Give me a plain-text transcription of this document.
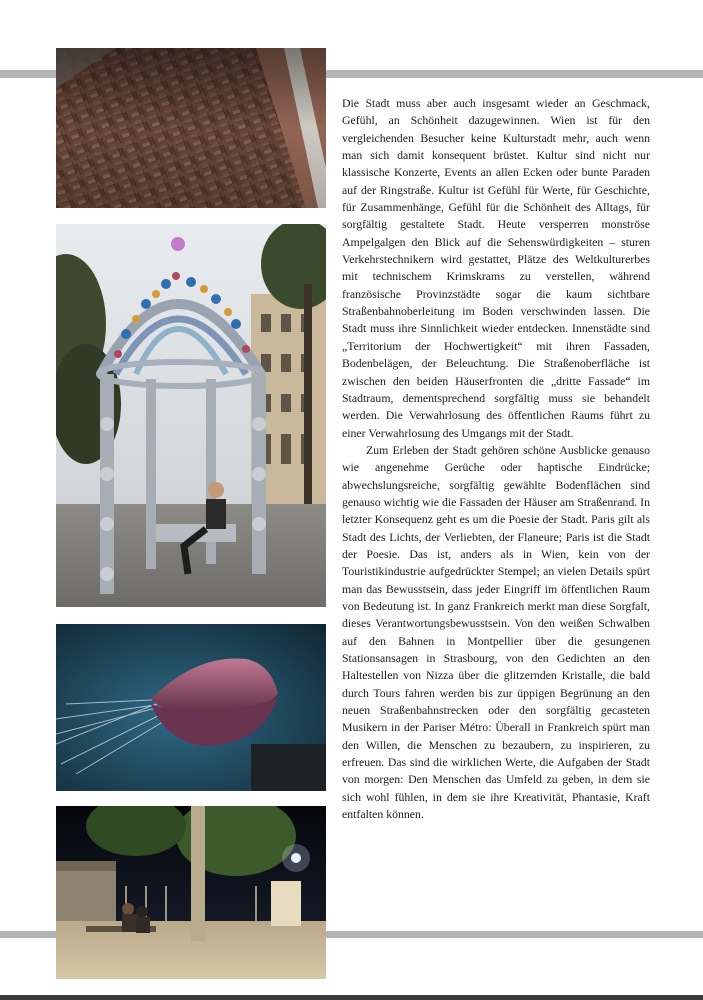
Die Stadt muss aber auch insgesamt wieder an Geschmack, Gefühl, an Schönheit dazugewinnen. Wien ist für den vergleichenden Besucher keine Kulturstadt mehr, auch wenn man sich damit konsequent brüstet. Kultur sind nicht nur klassische Konzerte, Events an allen Ecken oder bunte Paraden auf der Ringstraße. Kultur ist Gefühl für Werte, für Geschichte, für Zusammenhänge, Gefühl für die Schönheit des Alltags, für sorgfältig gestaltete Stadt. Heute versperren monströse Ampelgalgen den Blick auf die Sehenswürdigkeiten – sturen Verkehrstechnikern wird gestattet, Plätze des Weltkulturerbes mit technischem Krimskrams zu verstellen, während französische Provinzstädte sogar die kaum sichtbare Straßenbahnoberleitung im Boden verschwinden lassen. Die Stadt muss ihre Sinnlichkeit wieder entdecken. Innenstädte sind „Territorium der Hochwertigkeit“ mit ihren Fassaden, Bodenbelägen, der Beleuchtung. Die Straßenoberfläche ist zwischen den beiden Häuserfronten die „dritte Fassade“ im Stadtraum, dementsprechend sorgfältig muss sie behandelt werden. Die Verwahrlosung des öffentlichen Raums führt zu einer Verwahrlosung des Umgangs mit der Stadt.

Zum Erleben der Stadt gehören schöne Ausblicke genauso wie angenehme Gerüche oder haptische Eindrücke; abwechslungsreiche, sorgfältig gewählte Bodenflächen sind genauso wichtig wie die Fassaden der Häuser am Straßenrand. In letzter Konsequenz geht es um die Poesie der Stadt. Paris gilt als Stadt des Lichts, der Verliebten, der Flaneure; Paris ist die Stadt der Poesie. Das ist, anders als in Wien, kein von der Touristikindustrie aufgedrückter Stempel; an vielen Details spürt man das Bewusstsein, dass jeder Eingriff im öffentlichen Raum von Bedeutung ist. In ganz Frankreich merkt man diese Sorgfalt, dieses Verantwortungsbewusstsein. Von den weißen Schwalben auf den Bahnen in Montpellier über die gesungenen Stationsansagen in Strasbourg, von den Gedichten an den Haltestellen von Nizza über die glitzernden Kristalle, die bald durch Tours fahren werden bis zur üppigen Begrünung an den neuen Straßenbahnstrecken oder den sorgfältig gecasteten Musikern in der Pariser Métro: Überall in Frankreich spürt man den Willen, die Menschen zu bezaubern, zu inspirieren, zu erfreuen. Das sind die wirklichen Werte, die Aufgaben der Stadt von morgen: Den Menschen das Umfeld zu geben, in dem sie sich wohl fühlen, in dem sie ihre Kreativität, Phantasie, Kraft entfalten können.
